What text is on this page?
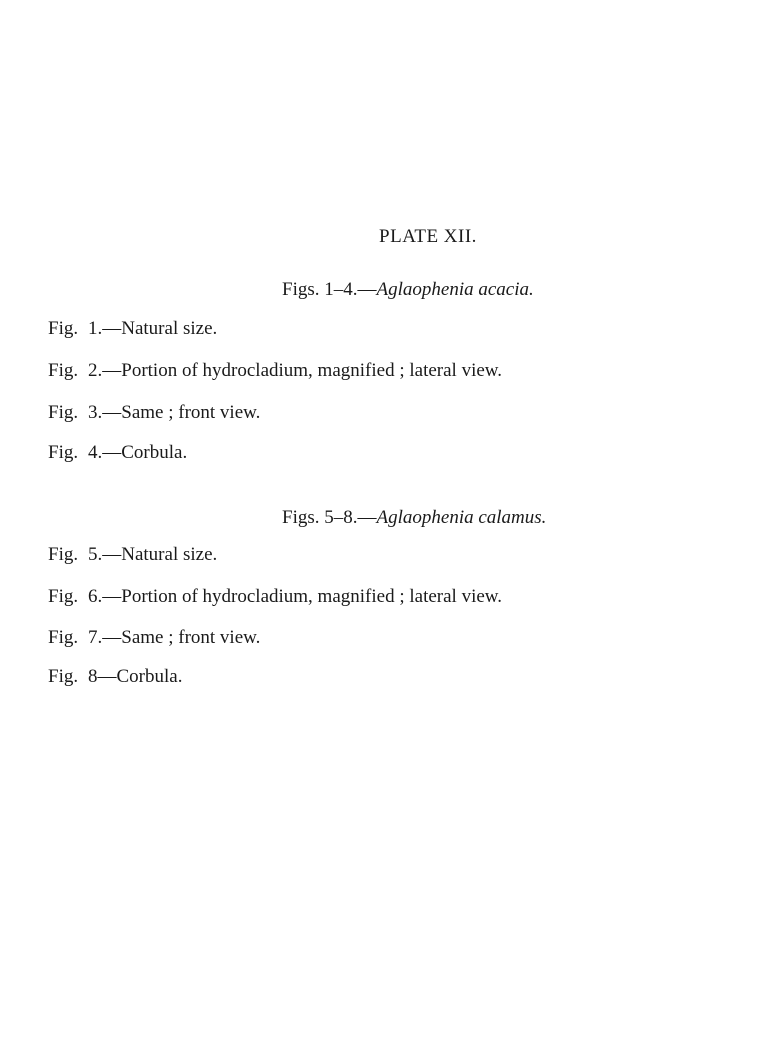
PLATE XII.
Figs. 1–4.—Aglaophenia acacia.
Fig. 1.—Natural size.
Fig. 2.—Portion of hydrocladium, magnified ; lateral view.
Fig. 3.—Same ; front view.
Fig. 4.—Corbula.
Figs. 5–8.—Aglaophenia calamus.
Fig. 5.—Natural size.
Fig. 6.—Portion of hydrocladium, magnified ; lateral view.
Fig. 7.—Same ; front view.
Fig. 8—Corbula.
